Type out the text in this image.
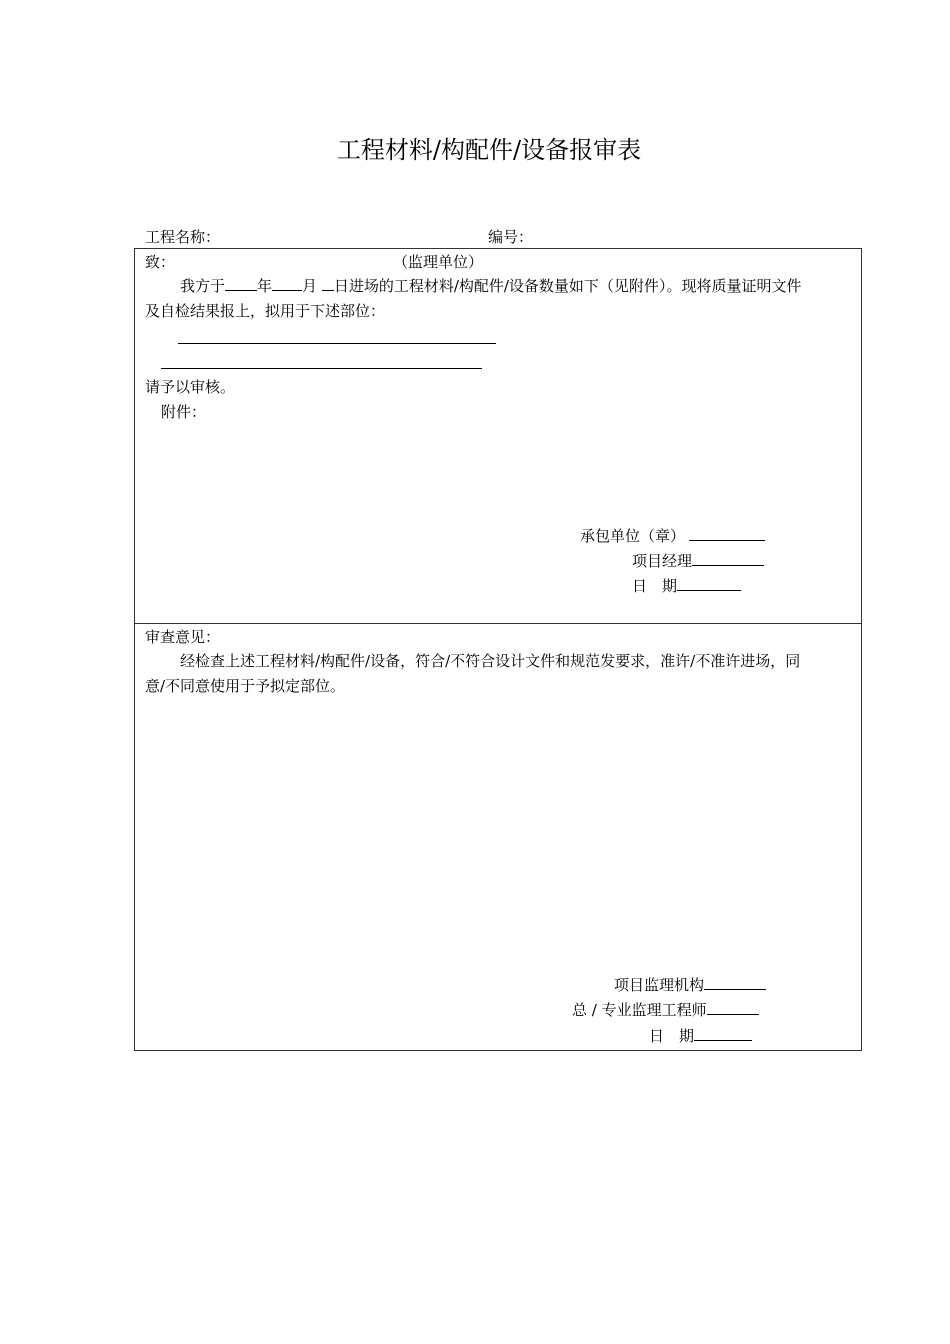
工程材料/构配件/设备报审表
工程名称：	编号：
致：	（监理单位）
我方于 年 月 日进场的工程材料/构配件/设备数量如下（见附件）。现将质量证明文件
及自检结果报上，拟用于下述部位：
请予以审核。
附件：
承包单位（章）
项目经理
日　期
审查意见：
经检查上述工程材料/构配件/设备，符合/不符合设计文件和规范发要求，准许/不准许进场，同
意/不同意使用于予拟定部位。
项目监理机构
总 / 专业监理工程师
日　期
